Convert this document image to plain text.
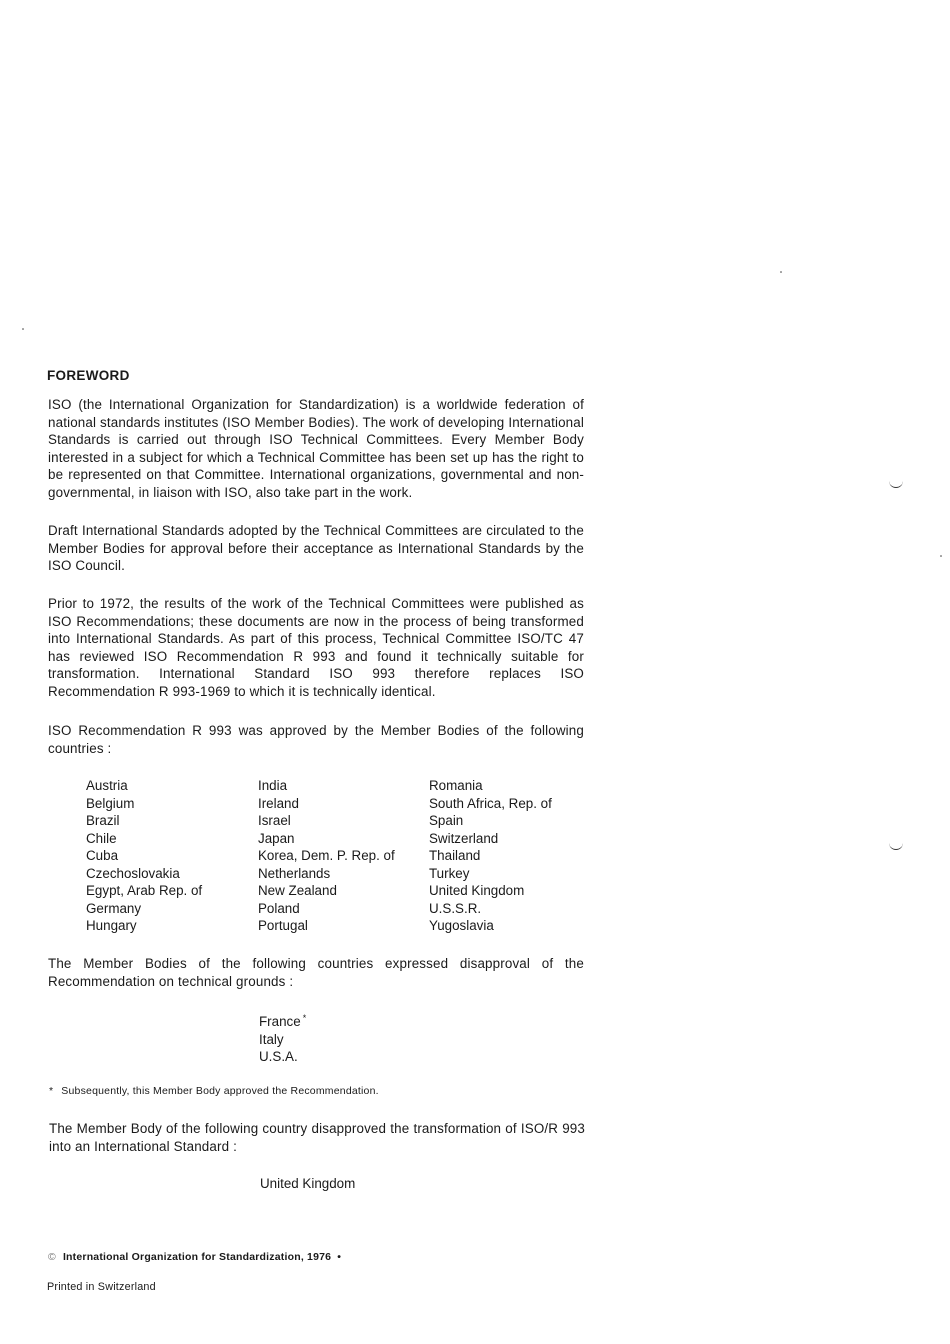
FOREWORD
ISO (the International Organization for Standardization) is a worldwide federation of national standards institutes (ISO Member Bodies). The work of developing International Standards is carried out through ISO Technical Committees. Every Member Body interested in a subject for which a Technical Committee has been set up has the right to be represented on that Committee. International organizations, governmental and non-governmental, in liaison with ISO, also take part in the work.
Draft International Standards adopted by the Technical Committees are circulated to the Member Bodies for approval before their acceptance as International Standards by the ISO Council.
Prior to 1972, the results of the work of the Technical Committees were published as ISO Recommendations; these documents are now in the process of being transformed into International Standards. As part of this process, Technical Committee ISO/TC 47 has reviewed ISO Recommendation R 993 and found it technically suitable for transformation. International Standard ISO 993 therefore replaces ISO Recommendation R 993-1969 to which it is technically identical.
ISO Recommendation R 993 was approved by the Member Bodies of the following countries :
Austria
Belgium
Brazil
Chile
Cuba
Czechoslovakia
Egypt, Arab Rep. of
Germany
Hungary
India
Ireland
Israel
Japan
Korea, Dem. P. Rep. of
Netherlands
New Zealand
Poland
Portugal
Romania
South Africa, Rep. of
Spain
Switzerland
Thailand
Turkey
United Kingdom
U.S.S.R.
Yugoslavia
The Member Bodies of the following countries expressed disapproval of the Recommendation on technical grounds :
France *
Italy
U.S.A.
* Subsequently, this Member Body approved the Recommendation.
The Member Body of the following country disapproved the transformation of ISO/R 993 into an International Standard :
United Kingdom
© International Organization for Standardization, 1976 •
Printed in Switzerland
